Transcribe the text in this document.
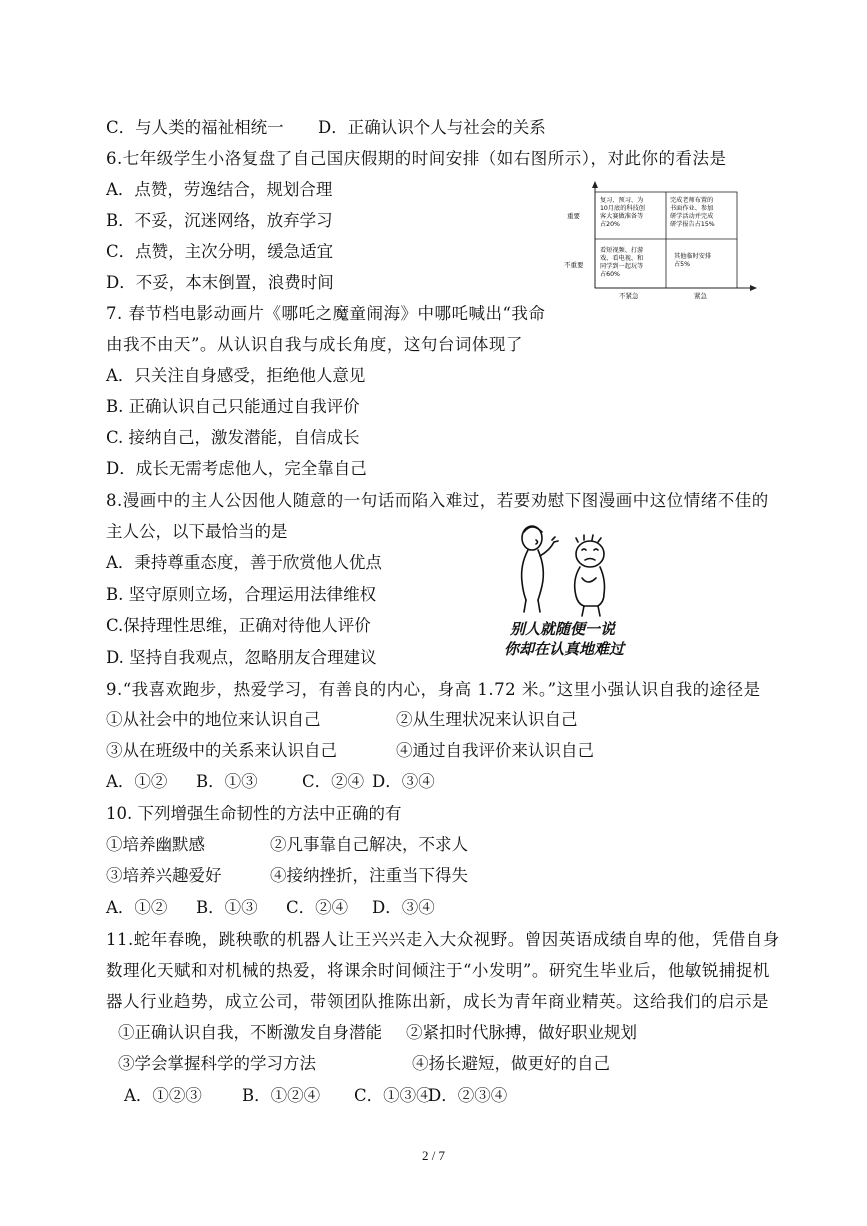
C．与人类的福祉相统一 D．正确认识个人与社会的关系
6.七年级学生小洛复盘了自己国庆假期的时间安排（如右图所示），对此你的看法是
A．点赞，劳逸结合，规划合理
B．不妥，沉迷网络，放弃学习
C．点赞，主次分明，缓急适宜
D．不妥，本末倒置，浪费时间
重要
不重要
不紧急	紧急
复习、预习、为
10月底的科技创
客大赛做准备等
占20%
完成老师布置的
书面作业、参加
研学活动并完成
研学报告占15%
看短视频、打游
戏、看电视、和
同学到一起玩等
占60%
其他临时安排
占5%
7. 春节档电影动画片《哪吒之魔童闹海》中哪吒喊出“我命
由我不由天”。从认识自我与成长角度，这句台词体现了
A．只关注自身感受，拒绝他人意见
B. 正确认识自己只能通过自我评价
C. 接纳自己，激发潜能，自信成长
D．成长无需考虑他人，完全靠自己
8.漫画中的主人公因他人随意的一句话而陷入难过，若要劝慰下图漫画中这位情绪不佳的
主人公，以下最恰当的是
A．秉持尊重态度，善于欣赏他人优点
B. 坚守原则立场，合理运用法律维权
C.保持理性思维，正确对待他人评价
D. 坚持自我观点，忽略朋友合理建议
别人就随便一说
你却在认真地难过
9.“我喜欢跑步，热爱学习，有善良的内心，身高 1.72 米。”这里小强认识自我的途径是
①从社会中的地位来认识自己	②从生理状况来认识自己
③从在班级中的关系来认识自己	④通过自我评价来认识自己
A．①② B．①③	C．②④ D．③④
10. 下列增强生命韧性的方法中正确的有
①培养幽默感	②凡事靠自己解决，不求人
③培养兴趣爱好	④接纳挫折，注重当下得失
A．①② B．①③ C．②④ D．③④
11.蛇年春晚，跳秧歌的机器人让王兴兴走入大众视野。曾因英语成绩自卑的他，凭借自身
数理化天赋和对机械的热爱，将课余时间倾注于“小发明”。研究生毕业后，他敏锐捕捉机
器人行业趋势，成立公司，带领团队推陈出新，成长为青年商业精英。这给我们的启示是
①正确认识自我，不断激发自身潜能 ②紧扣时代脉搏，做好职业规划
③学会掌握科学的学习方法	④扬长避短，做更好的自己
A．①②③ B．①②④ C．①③④
D．②③④
2 / 7
